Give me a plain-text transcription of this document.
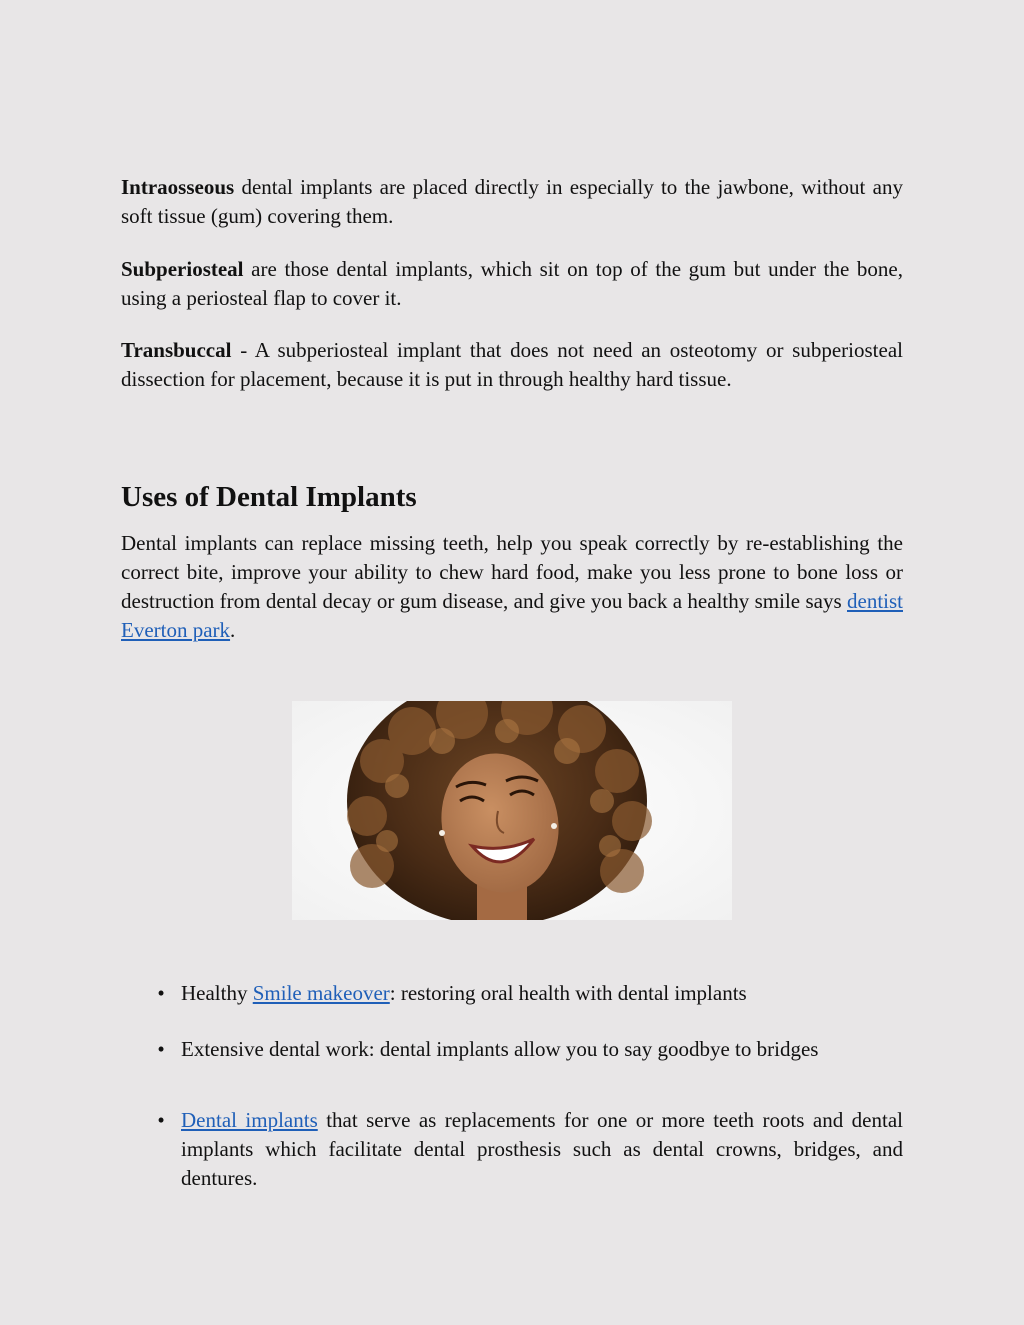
Intraosseous dental implants are placed directly in especially to the jawbone, without any soft tissue (gum) covering them.

Subperiosteal are those dental implants, which sit on top of the gum but under the bone, using a periosteal flap to cover it.

Transbuccal - A subperiosteal implant that does not need an osteotomy or subperiosteal dissection for placement, because it is put in through healthy hard tissue.

Uses of Dental Implants

Dental implants can replace missing teeth, help you speak correctly by re-establishing the correct bite, improve your ability to chew hard food, make you less prone to bone loss or destruction from dental decay or gum disease, and give you back a healthy smile says dentist Everton park.

• Healthy Smile makeover: restoring oral health with dental implants
• Extensive dental work: dental implants allow you to say goodbye to bridges
• Dental implants that serve as replacements for one or more teeth roots and dental implants which facilitate dental prosthesis such as dental crowns, bridges, and dentures.
